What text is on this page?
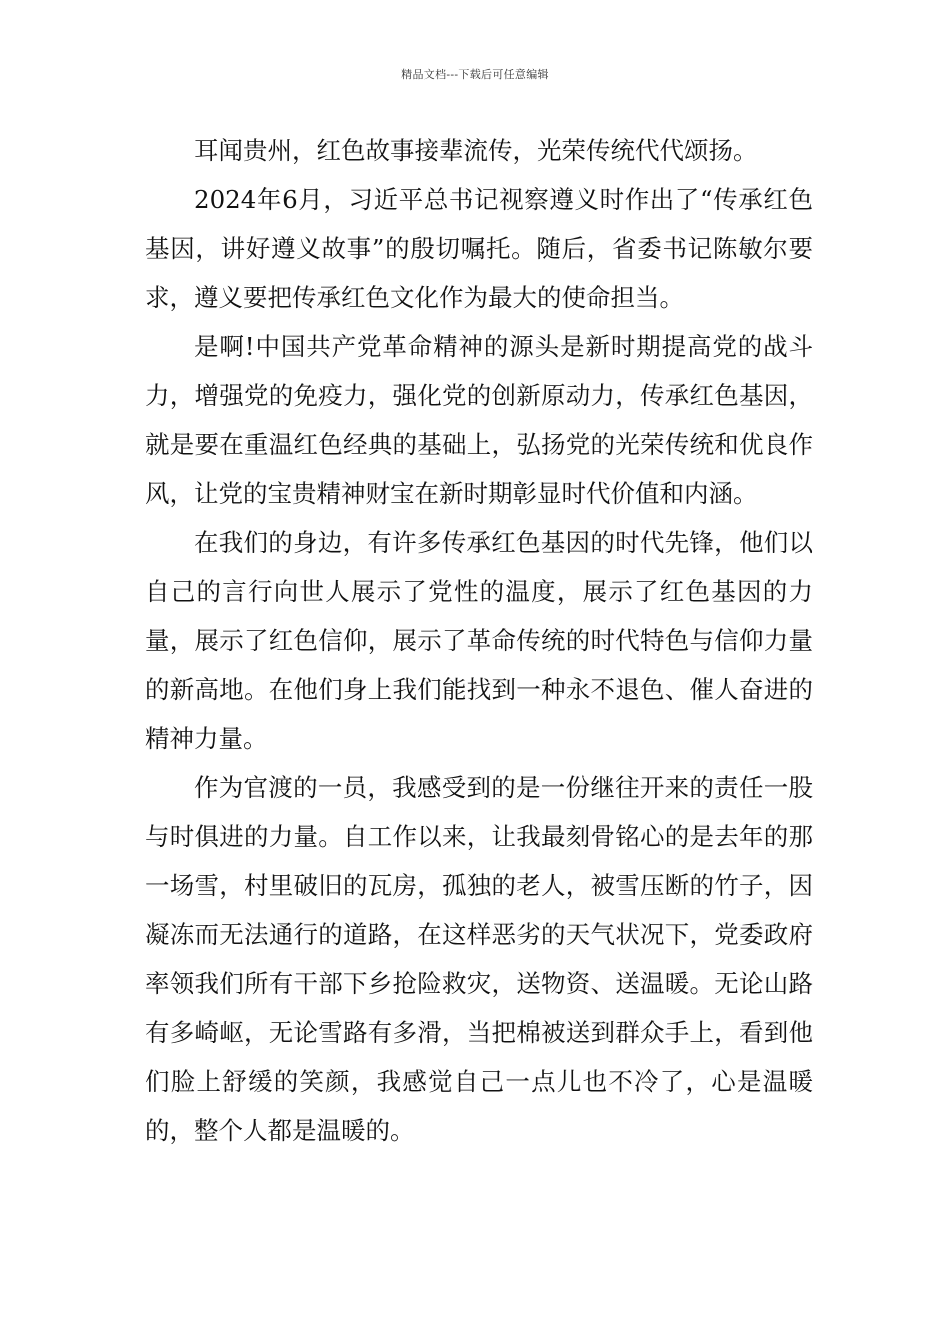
精品文档---下载后可任意编辑

耳闻贵州，红色故事接辈流传，光荣传统代代颂扬。

2024年6月，习近平总书记视察遵义时作出了“传承红色基因，讲好遵义故事”的殷切嘱托。随后，省委书记陈敏尔要求，遵义要把传承红色文化作为最大的使命担当。

是啊!中国共产党革命精神的源头是新时期提高党的战斗力，增强党的免疫力，强化党的创新原动力，传承红色基因，就是要在重温红色经典的基础上，弘扬党的光荣传统和优良作风，让党的宝贵精神财宝在新时期彰显时代价值和内涵。

在我们的身边，有许多传承红色基因的时代先锋，他们以自己的言行向世人展示了党性的温度，展示了红色基因的力量，展示了红色信仰，展示了革命传统的时代特色与信仰力量的新高地。在他们身上我们能找到一种永不退色、催人奋进的精神力量。

作为官渡的一员，我感受到的是一份继往开来的责任一股与时俱进的力量。自工作以来，让我最刻骨铭心的是去年的那一场雪，村里破旧的瓦房，孤独的老人，被雪压断的竹子，因凝冻而无法通行的道路，在这样恶劣的天气状况下，党委政府率领我们所有干部下乡抢险救灾，送物资、送温暖。无论山路有多崎岖，无论雪路有多滑，当把棉被送到群众手上，看到他们脸上舒缓的笑颜，我感觉自己一点儿也不冷了，心是温暖的，整个人都是温暖的。
